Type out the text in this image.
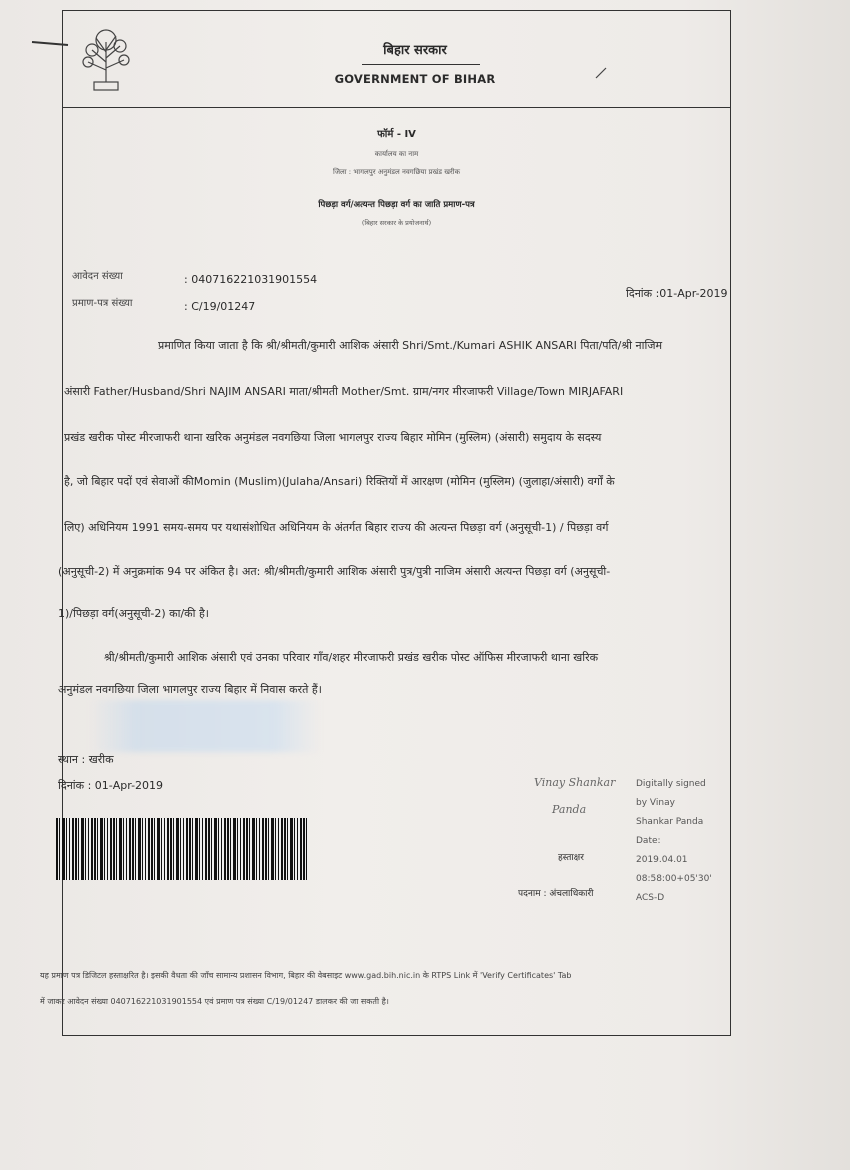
बिहार सरकार
GOVERNMENT OF BIHAR
फॉर्म - IV
कार्यालय का नाम
जिला : भागलपुर अनुमंडल नवगछिया प्रखंड खरीक
पिछड़ा वर्ग/अत्यन्त पिछड़ा वर्ग का जाति प्रमाण-पत्र
(बिहार सरकार के प्रयोजनार्थ)
आवेदन संख्या	: 040716221031901554
प्रमाण-पत्र संख्या	: C/19/01247
दिनांक :01-Apr-2019
प्रमाणित किया जाता है कि श्री/श्रीमती/कुमारी आशिक अंसारी Shri/Smt./Kumari ASHIK ANSARI पिता/पति/श्री नाजिम
अंसारी Father/Husband/Shri NAJIM ANSARI माता/श्रीमती Mother/Smt. ग्राम/नगर मीरजाफरी Village/Town MIRJAFARI
प्रखंड खरीक पोस्ट मीरजाफरी थाना खरिक अनुमंडल नवगछिया जिला भागलपुर राज्य बिहार मोमिन (मुस्लिम) (अंसारी) समुदाय के सदस्य
है, जो बिहार पदों एवं सेवाओं कीMomin (Muslim)(Julaha/Ansari) रिक्तियों में आरक्षण (मोमिन (मुस्लिम) (जुलाहा/अंसारी) वर्गों के
लिए) अधिनियम 1991 समय-समय पर यथासंशोधित अधिनियम के अंतर्गत बिहार राज्य की अत्यन्त पिछड़ा वर्ग (अनुसूची-1) / पिछड़ा वर्ग
(अनुसूची-2) में अनुक्रमांक 94 पर अंकित है। अत: श्री/श्रीमती/कुमारी आशिक अंसारी पुत्र/पुत्री नाजिम अंसारी अत्यन्त पिछड़ा वर्ग (अनुसूची-
1)/पिछड़ा वर्ग(अनुसूची-2) का/की है।
श्री/श्रीमती/कुमारी आशिक अंसारी एवं उनका परिवार गाँव/शहर मीरजाफरी प्रखंड खरीक पोस्ट ऑफिस मीरजाफरी थाना खरिक
अनुमंडल नवगछिया जिला भागलपुर राज्य बिहार में निवास करते हैं।
स्थान : खरीक
दिनांक : 01-Apr-2019	Vinay Shankar
Panda
Digitally signed
by Vinay
Shankar Panda
Date:
2019.04.01
08:58:00+05'30'
ACS-D
हस्ताक्षर
पदनाम : अंचलाधिकारी
यह प्रमाण पत्र डिजिटल हस्ताक्षरित है। इसकी वैधता की जाँच सामान्य प्रशासन विभाग, बिहार की वेबसाइट www.gad.bih.nic.in के RTPS Link में 'Verify Certificates' Tab
में जाकर आवेदन संख्या 040716221031901554 एवं प्रमाण पत्र संख्या C/19/01247 डालकर की जा सकती है।
